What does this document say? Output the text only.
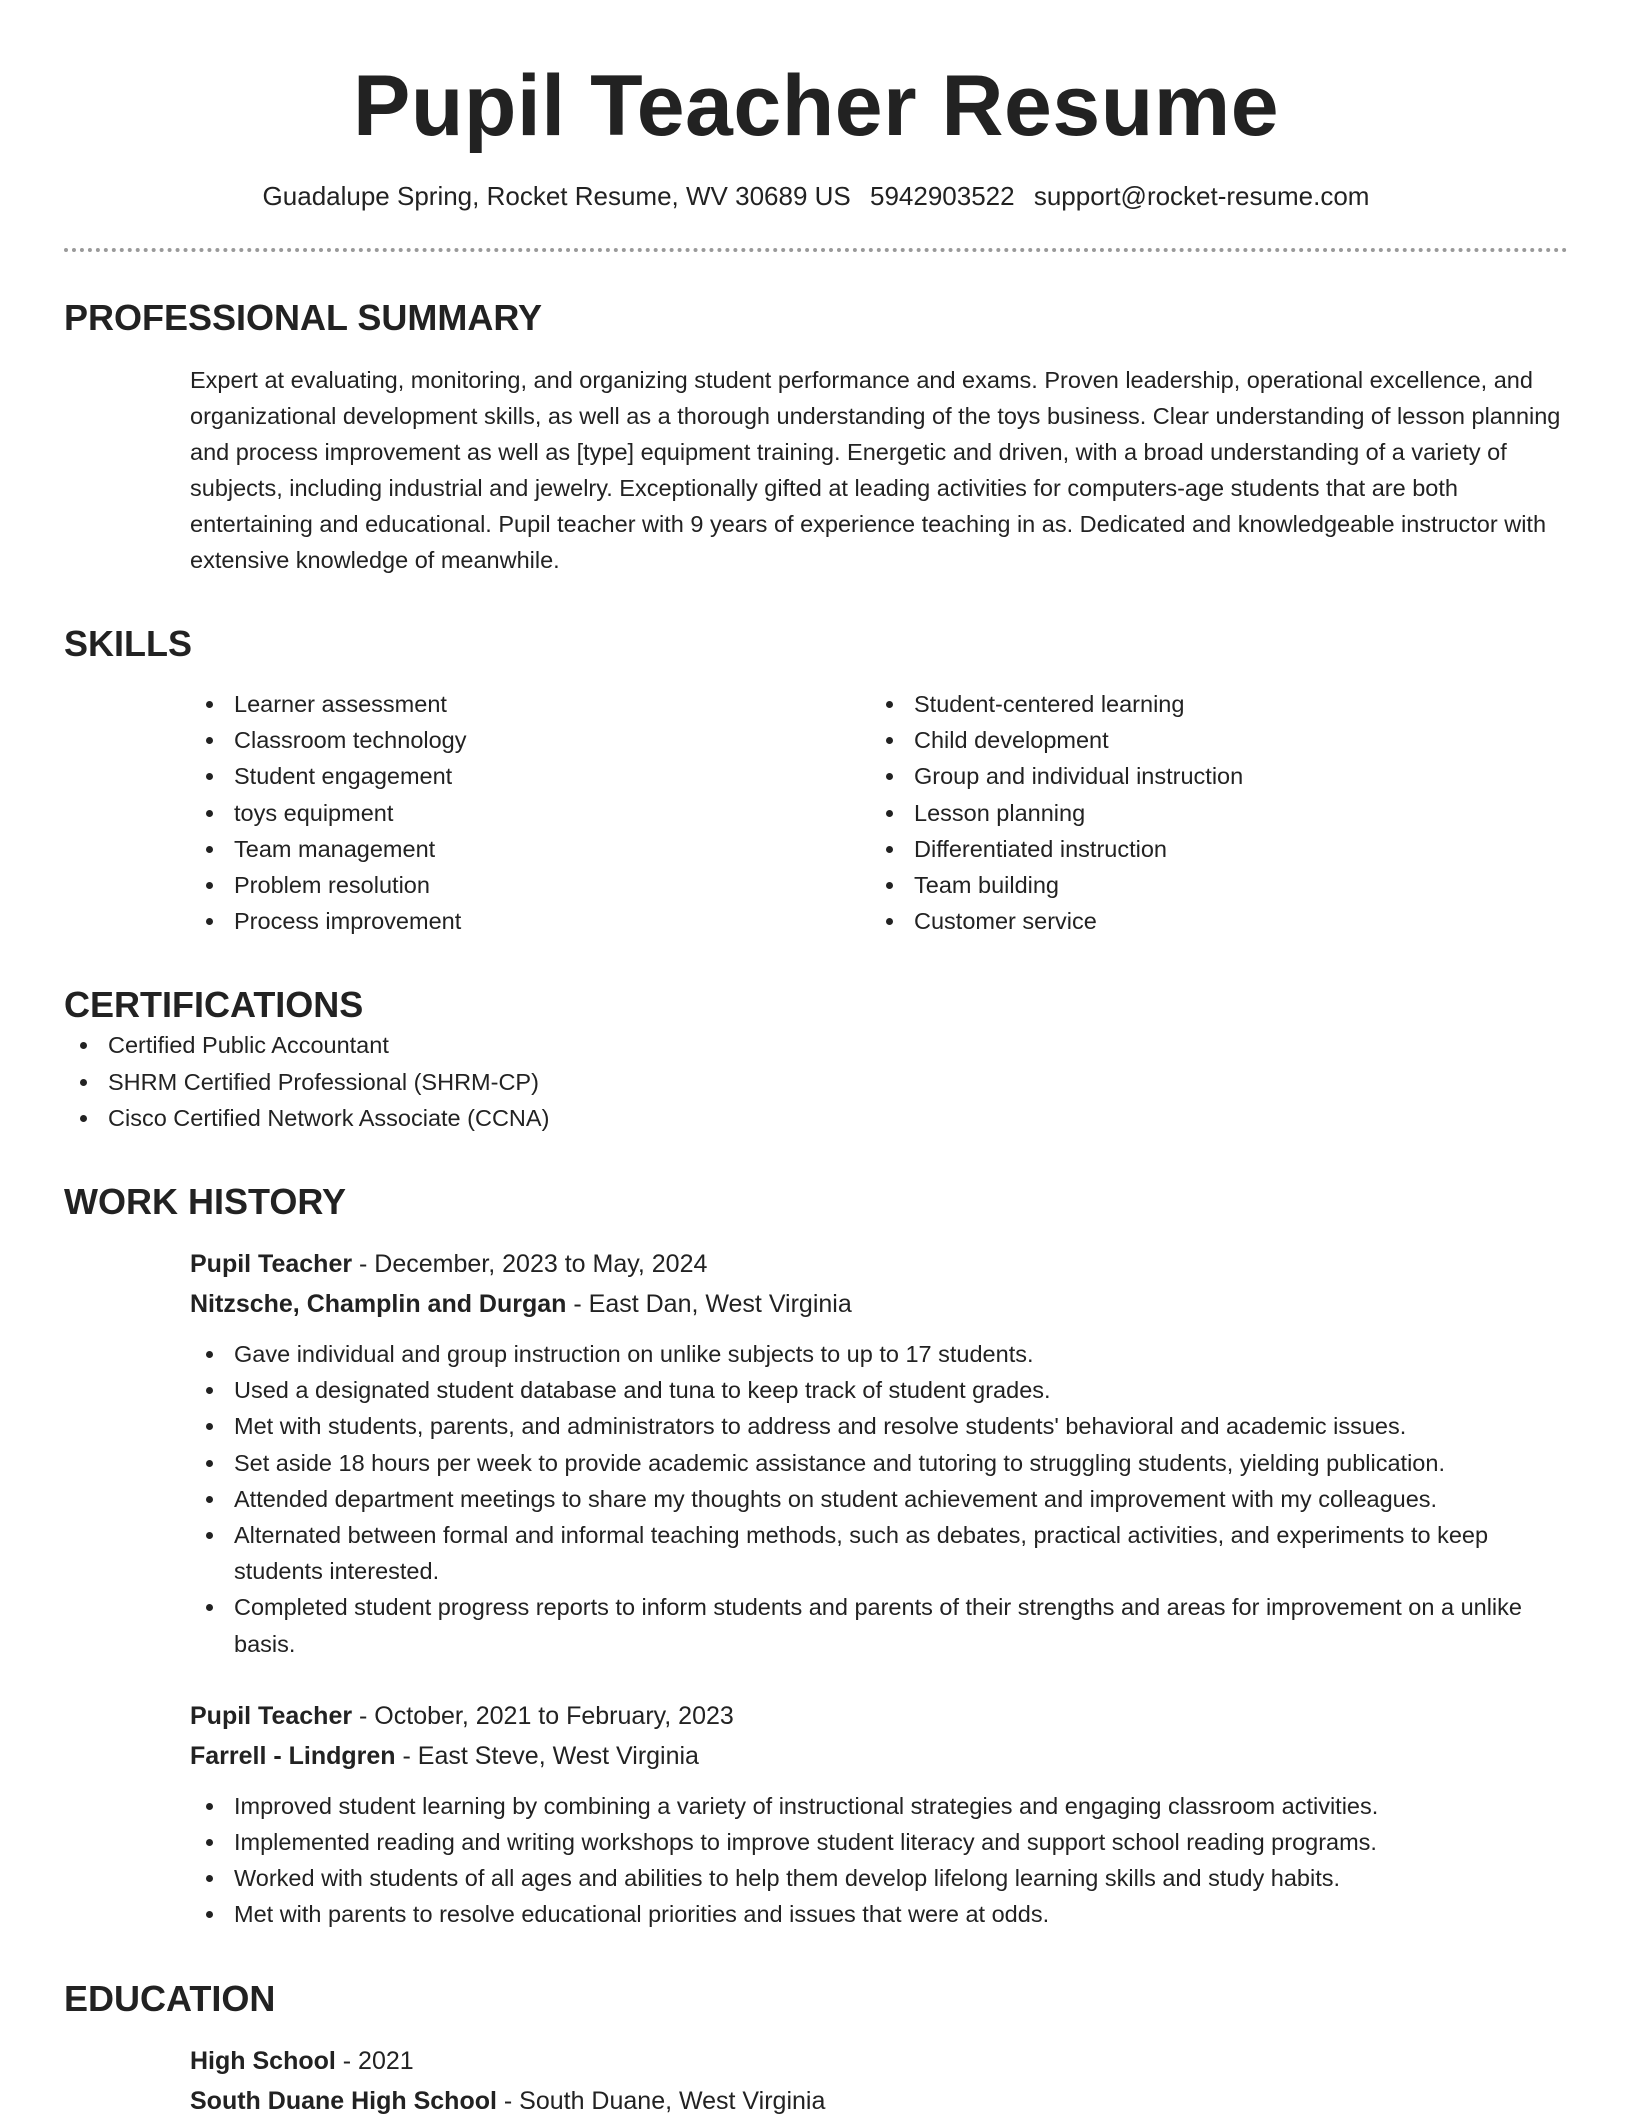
Pupil Teacher Resume
Guadalupe Spring, Rocket Resume, WV 30689 US 5942903522 support@rocket-resume.com
PROFESSIONAL SUMMARY
Expert at evaluating, monitoring, and organizing student performance and exams. Proven leadership, operational excellence, and organizational development skills, as well as a thorough understanding of the toys business. Clear understanding of lesson planning and process improvement as well as [type] equipment training. Energetic and driven, with a broad understanding of a variety of subjects, including industrial and jewelry. Exceptionally gifted at leading activities for computers-age students that are both entertaining and educational. Pupil teacher with 9 years of experience teaching in as. Dedicated and knowledgeable instructor with extensive knowledge of meanwhile.
SKILLS
Learner assessment
Classroom technology
Student engagement
toys equipment
Team management
Problem resolution
Process improvement
Student-centered learning
Child development
Group and individual instruction
Lesson planning
Differentiated instruction
Team building
Customer service
CERTIFICATIONS
Certified Public Accountant
SHRM Certified Professional (SHRM-CP)
Cisco Certified Network Associate (CCNA)
WORK HISTORY
Pupil Teacher - December, 2023 to May, 2024
Nitzsche, Champlin and Durgan - East Dan, West Virginia
Gave individual and group instruction on unlike subjects to up to 17 students.
Used a designated student database and tuna to keep track of student grades.
Met with students, parents, and administrators to address and resolve students' behavioral and academic issues.
Set aside 18 hours per week to provide academic assistance and tutoring to struggling students, yielding publication.
Attended department meetings to share my thoughts on student achievement and improvement with my colleagues.
Alternated between formal and informal teaching methods, such as debates, practical activities, and experiments to keep students interested.
Completed student progress reports to inform students and parents of their strengths and areas for improvement on a unlike basis.
Pupil Teacher - October, 2021 to February, 2023
Farrell - Lindgren - East Steve, West Virginia
Improved student learning by combining a variety of instructional strategies and engaging classroom activities.
Implemented reading and writing workshops to improve student literacy and support school reading programs.
Worked with students of all ages and abilities to help them develop lifelong learning skills and study habits.
Met with parents to resolve educational priorities and issues that were at odds.
EDUCATION
High School - 2021
South Duane High School - South Duane, West Virginia
